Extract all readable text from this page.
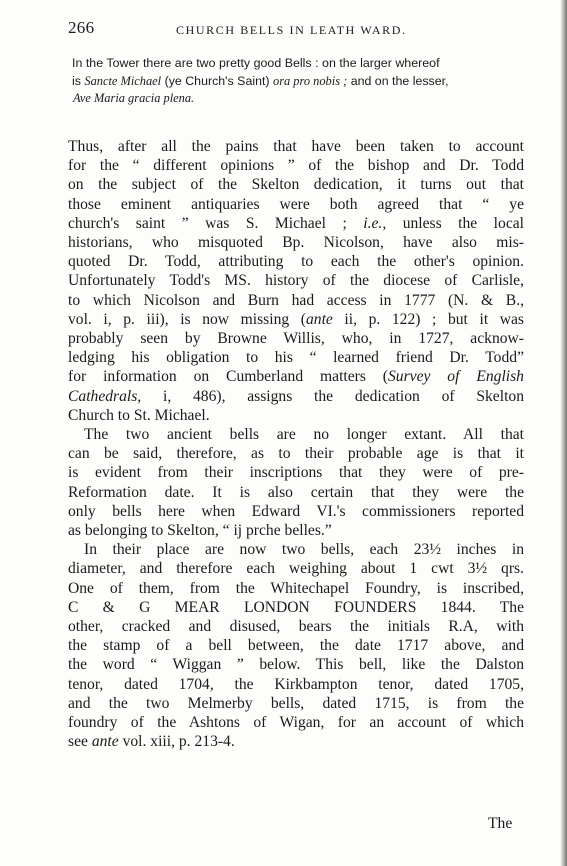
266	CHURCH BELLS IN LEATH WARD.
In the Tower there are two pretty good Bells : on the larger whereof
is Sancte Michael (ye Church's Saint) ora pro nobis ; and on the lesser,
Ave Maria gracia plena.
Thus, after all the pains that have been taken to account
for the “ different opinions ” of the bishop and Dr. Todd
on the subject of the Skelton dedication, it turns out that
those eminent antiquaries were both agreed that “ ye
church's saint ” was S. Michael ; i.e., unless the local
historians, who misquoted Bp. Nicolson, have also mis-
quoted Dr. Todd, attributing to each the other's opinion.
Unfortunately Todd's MS. history of the diocese of Carlisle,
to which Nicolson and Burn had access in 1777 (N. & B.,
vol. i, p. iii), is now missing (ante ii, p. 122) ; but it was
probably seen by Browne Willis, who, in 1727, acknow-
ledging his obligation to his “ learned friend Dr. Todd”
for information on Cumberland matters (Survey of English
Cathedrals, i, 486), assigns the dedication of Skelton
Church to St. Michael.
The two ancient bells are no longer extant. All that
can be said, therefore, as to their probable age is that it
is evident from their inscriptions that they were of pre-
Reformation date. It is also certain that they were the
only bells here when Edward VI.'s commissioners reported
as belonging to Skelton, “ ij prche belles.”
In their place are now two bells, each 23½ inches in
diameter, and therefore each weighing about 1 cwt 3½ qrs.
One of them, from the Whitechapel Foundry, is inscribed,
C & G MEAR LONDON FOUNDERS 1844. The
other, cracked and disused, bears the initials R.A, with
the stamp of a bell between, the date 1717 above, and
the word “ Wiggan ” below. This bell, like the Dalston
tenor, dated 1704, the Kirkbampton tenor, dated 1705,
and the two Melmerby bells, dated 1715, is from the
foundry of the Ashtons of Wigan, for an account of which
see ante vol. xiii, p. 213-4.
The
